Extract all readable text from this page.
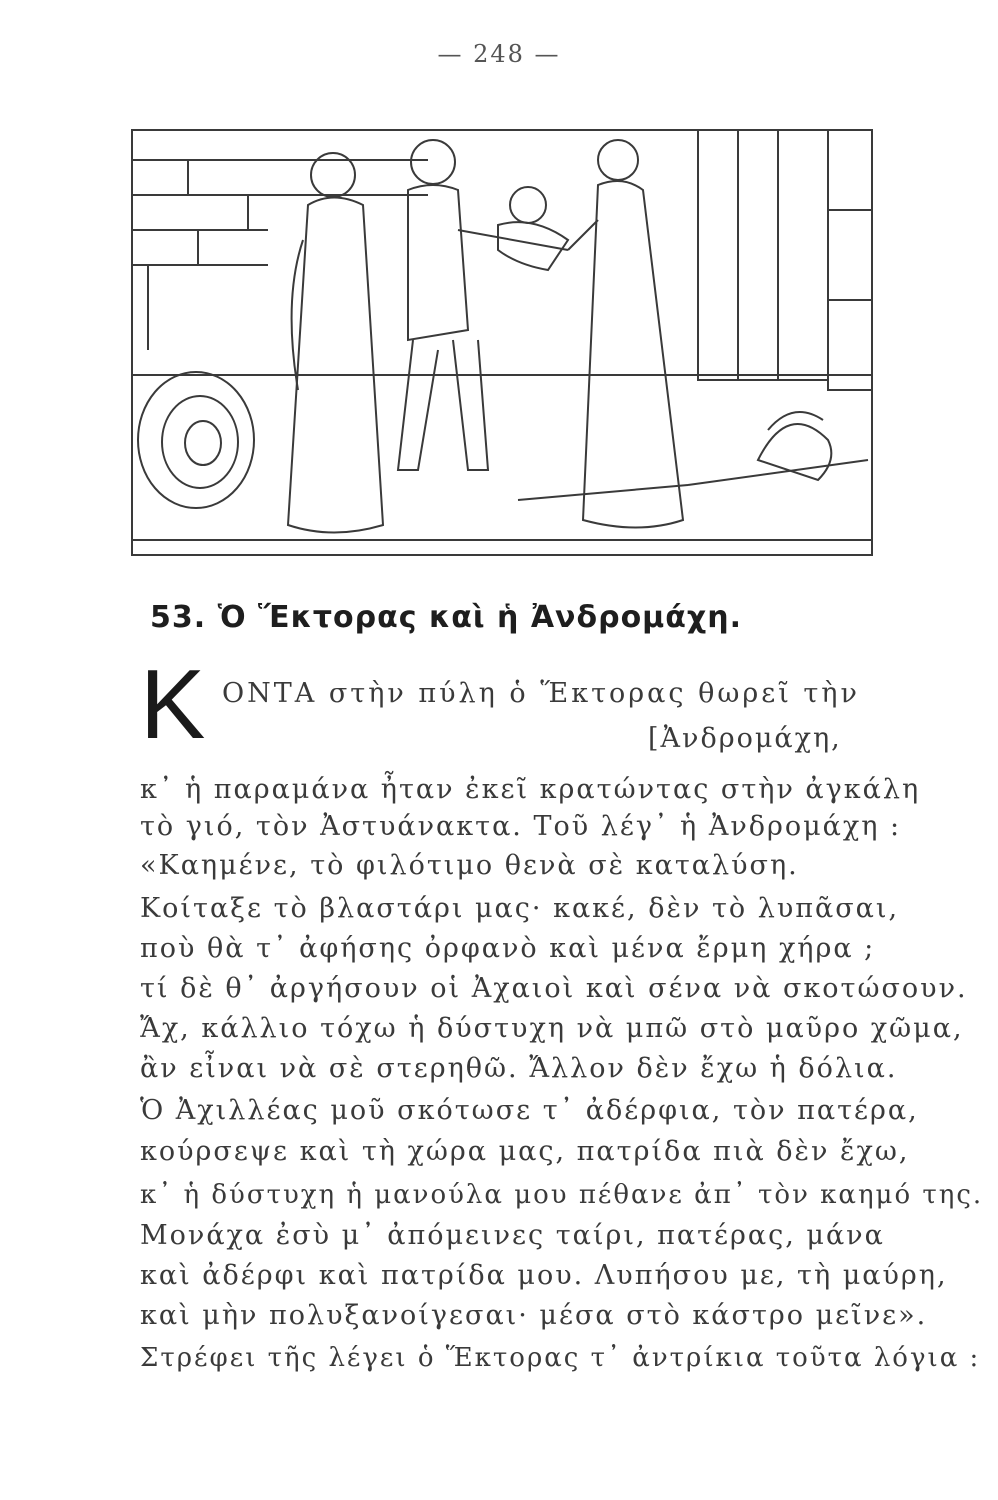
— 248 —
53. Ὁ Ἕκτορας καὶ ἡ Ἀνδρομάχη.
Κ ΟΝΤΑ στὴν πύλη ὁ Ἕκτορας θωρεῖ τὴν
[Ἀνδρομάχη,
κ᾽ ἡ παραμάνα ἦταν ἐκεῖ κρατώντας στὴν ἀγκάλη
τὸ γιό, τὸν Ἀστυάνακτα. Τοῦ λέγ᾽ ἡ Ἀνδρομάχη :
«Καημένε, τὸ φιλότιμο θενὰ σὲ καταλύση.
Κοίταξε τὸ βλαστάρι μας· κακέ, δὲν τὸ λυπᾶσαι,
ποὺ θὰ τ᾽ ἀφήσης ὀρφανὸ καὶ μένα ἔρμη χήρα ;
τί δὲ θ᾽ ἀργήσουν οἱ Ἀχαιοὶ καὶ σένα νὰ σκοτώσουν.
Ἄχ, κάλλιο τόχω ἡ δύστυχη νὰ μπῶ στὸ μαῦρο χῶμα,
ἂν εἶναι νὰ σὲ στερηθῶ. Ἄλλον δὲν ἔχω ἡ δόλια.
Ὁ Ἀχιλλέας μοῦ σκότωσε τ᾽ ἀδέρφια, τὸν πατέρα,
κούρσεψε καὶ τὴ χώρα μας, πατρίδα πιὰ δὲν ἔχω,
κ᾽ ἡ δύστυχη ἡ μανούλα μου πέθανε ἀπ᾽ τὸν καημό της.
Μονάχα ἐσὺ μ᾽ ἀπόμεινες ταίρι, πατέρας, μάνα
καὶ ἀδέρφι καὶ πατρίδα μου. Λυπήσου με, τὴ μαύρη,
καὶ μὴν πολυξανοίγεσαι· μέσα στὸ κάστρο μεῖνε».
Στρέφει τῆς λέγει ὁ Ἕκτορας τ᾽ ἀντρίκια τοῦτα λόγια :
